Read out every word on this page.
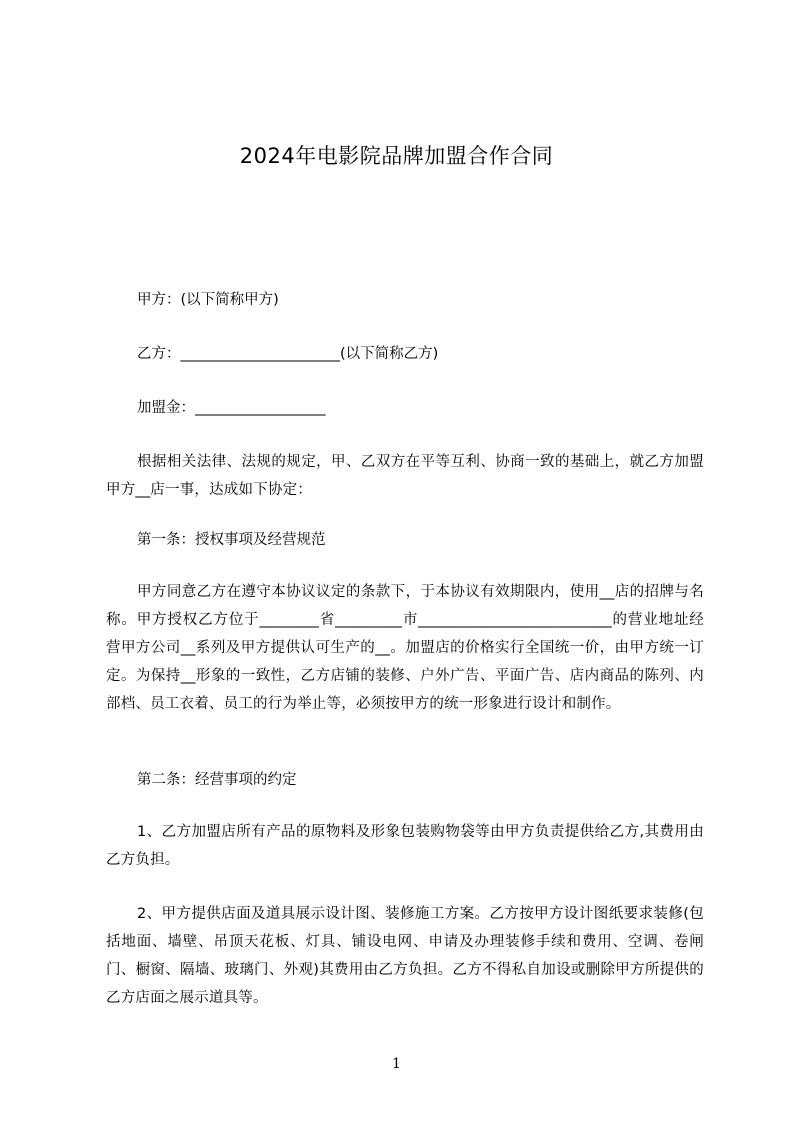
2024年电影院品牌加盟合作合同
甲方：(以下简称甲方)
乙方：______________________(以下简称乙方)
加盟金：__________________
根据相关法律、法规的规定，甲、乙双方在平等互利、协商一致的基础上，就乙方加盟甲方__店一事，达成如下协定：
第一条：授权事项及经营规范
甲方同意乙方在遵守本协议议定的条款下，于本协议有效期限内，使用__店的招牌与名称。甲方授权乙方位于________省_________市__________________________的营业地址经营甲方公司__系列及甲方提供认可生产的__。加盟店的价格实行全国统一价，由甲方统一订定。为保持__形象的一致性，乙方店铺的装修、户外广告、平面广告、店内商品的陈列、内部档、员工衣着、员工的行为举止等，必须按甲方的统一形象进行设计和制作。
第二条：经营事项的约定
1、乙方加盟店所有产品的原物料及形象包装购物袋等由甲方负责提供给乙方,其费用由乙方负担。
2、甲方提供店面及道具展示设计图、装修施工方案。乙方按甲方设计图纸要求装修(包括地面、墙壁、吊顶天花板、灯具、铺设电网、申请及办理装修手续和费用、空调、卷闸门、橱窗、隔墙、玻璃门、外观)其费用由乙方负担。乙方不得私自加设或删除甲方所提供的乙方店面之展示道具等。
1
